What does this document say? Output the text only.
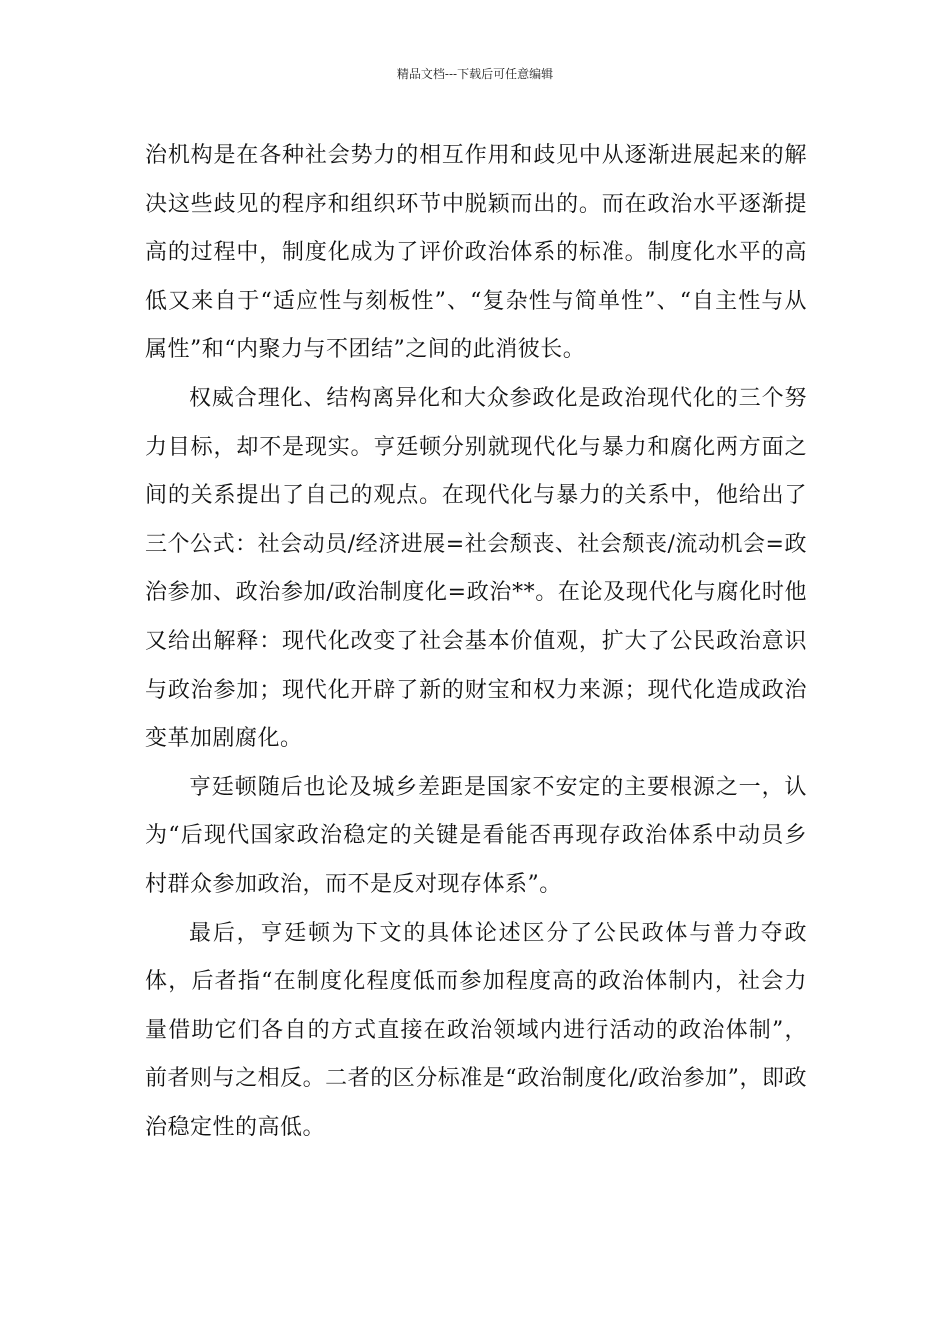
精品文档---下载后可任意编辑

治机构是在各种社会势力的相互作用和歧见中从逐渐进展起来的解决这些歧见的程序和组织环节中脱颖而出的。而在政治水平逐渐提高的过程中，制度化成为了评价政治体系的标准。制度化水平的高低又来自于“适应性与刻板性”、“复杂性与简单性”、“自主性与从属性”和“内聚力与不团结”之间的此消彼长。

权威合理化、结构离异化和大众参政化是政治现代化的三个努力目标，却不是现实。亨廷顿分别就现代化与暴力和腐化两方面之间的关系提出了自己的观点。在现代化与暴力的关系中，他给出了三个公式：社会动员/经济进展=社会颓丧、社会颓丧/流动机会=政治参加、政治参加/政治制度化=政治**。在论及现代化与腐化时他又给出解释：现代化改变了社会基本价值观，扩大了公民政治意识与政治参加；现代化开辟了新的财宝和权力来源；现代化造成政治变革加剧腐化。

亨廷顿随后也论及城乡差距是国家不安定的主要根源之一，认为“后现代国家政治稳定的关键是看能否再现存政治体系中动员乡村群众参加政治，而不是反对现存体系”。

最后，亨廷顿为下文的具体论述区分了公民政体与普力夺政体，后者指“在制度化程度低而参加程度高的政治体制内，社会力量借助它们各自的方式直接在政治领域内进行活动的政治体制”，前者则与之相反。二者的区分标准是“政治制度化/政治参加”，即政治稳定性的高低。
